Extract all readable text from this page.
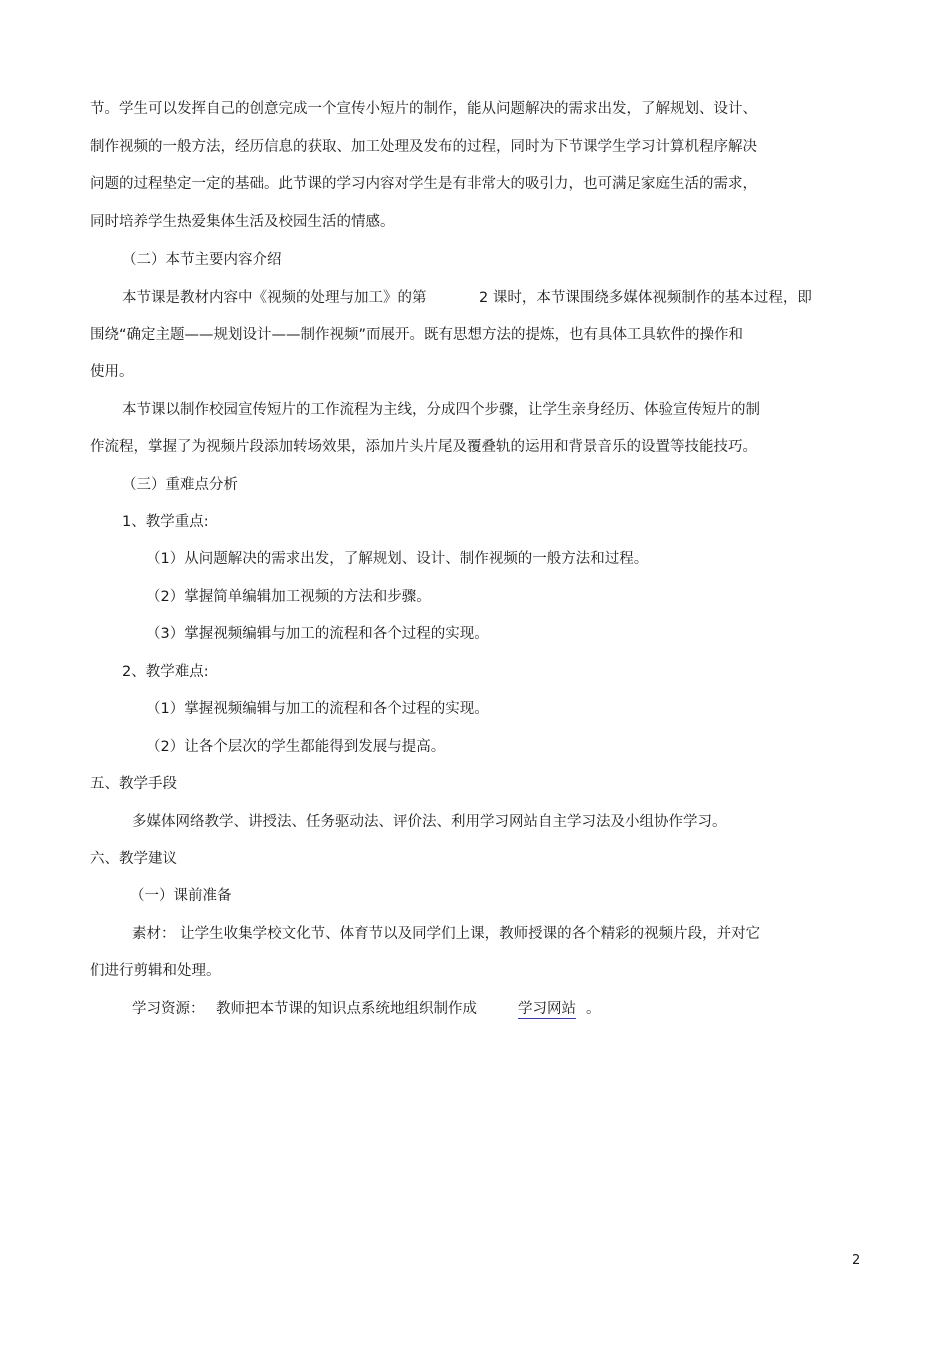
节。学生可以发挥自己的创意完成一个宣传小短片的制作，能从问题解决的需求出发，了解规划、设计、
制作视频的一般方法，经历信息的获取、加工处理及发布的过程，同时为下节课学生学习计算机程序解决
问题的过程垫定一定的基础。此节课的学习内容对学生是有非常大的吸引力，也可满足家庭生活的需求，
同时培养学生热爱集体生活及校园生活的情感。
（二）本节主要内容介绍
本节课是教材内容中《视频的处理与加工》的第	2 课时，本节课围绕多媒体视频制作的基本过程，即
围绕“确定主题——规划设计——制作视频”而展开。既有思想方法的提炼，也有具体工具软件的操作和
使用。
本节课以制作校园宣传短片的工作流程为主线，分成四个步骤，让学生亲身经历、体验宣传短片的制
作流程，掌握了为视频片段添加转场效果，添加片头片尾及覆叠轨的运用和背景音乐的设置等技能技巧。
（三）重难点分析
1、教学重点:
（1）从问题解决的需求出发，了解规划、设计、制作视频的一般方法和过程。
（2）掌握简单编辑加工视频的方法和步骤。
（3）掌握视频编辑与加工的流程和各个过程的实现。
2、教学难点:
（1）掌握视频编辑与加工的流程和各个过程的实现。
（2）让各个层次的学生都能得到发展与提高。
五、教学手段
多媒体网络教学、讲授法、任务驱动法、评价法、利用学习网站自主学习法及小组协作学习。
六、教学建议
（一）课前准备
素材： 让学生收集学校文化节、体育节以及同学们上课，教师授课的各个精彩的视频片段，并对它
们进行剪辑和处理。
学习资源： 教师把本节课的知识点系统地组织制作成	学习网站 。
2
